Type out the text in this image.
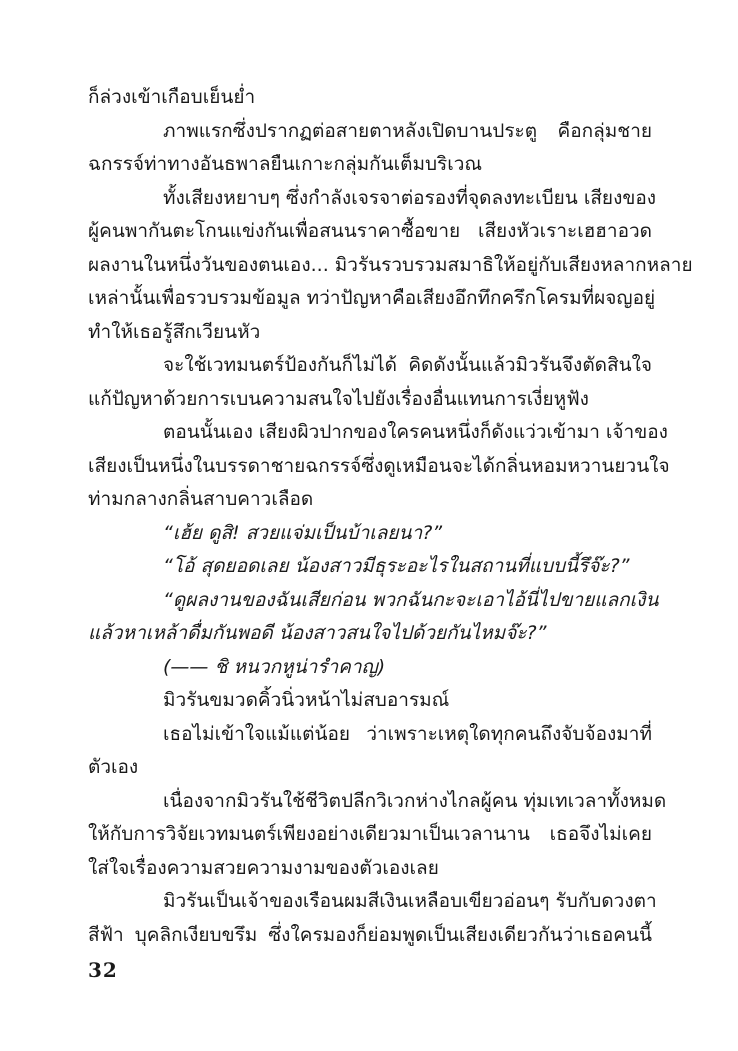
ก็ล่วงเข้าเกือบเย็นย่ำ
ภาพแรกซึ่งปรากฏต่อสายตาหลังเปิดบานประตู คือกลุ่มชาย
ฉกรรจ์ท่าทางอันธพาลยืนเกาะกลุ่มกันเต็มบริเวณ
ทั้งเสียงหยาบๆ ซึ่งกำลังเจรจาต่อรองที่จุดลงทะเบียน เสียงของ
ผู้คนพากันตะโกนแข่งกันเพื่อสนนราคาซื้อขาย เสียงหัวเราะเฮฮาอวด
ผลงานในหนึ่งวันของตนเอง... มิวรันรวบรวมสมาธิให้อยู่กับเสียงหลากหลาย
เหล่านั้นเพื่อรวบรวมข้อมูล ทว่าปัญหาคือเสียงอึกทึกครึกโครมที่ผจญอยู่
ทำให้เธอรู้สึกเวียนหัว
จะใช้เวทมนตร์ป้องกันก็ไม่ได้ คิดดังนั้นแล้วมิวรันจึงตัดสินใจ
แก้ปัญหาด้วยการเบนความสนใจไปยังเรื่องอื่นแทนการเงี่ยหูฟัง
ตอนนั้นเอง เสียงผิวปากของใครคนหนึ่งก็ดังแว่วเข้ามา เจ้าของ
เสียงเป็นหนึ่งในบรรดาชายฉกรรจ์ซึ่งดูเหมือนจะได้กลิ่นหอมหวานยวนใจ
ท่ามกลางกลิ่นสาบคาวเลือด
“เฮ้ย ดูสิ! สวยแจ่มเป็นบ้าเลยนา?”
“โอ้ สุดยอดเลย น้องสาวมีธุระอะไรในสถานที่แบบนี้รึจ๊ะ?”
“ดูผลงานของฉันเสียก่อน พวกฉันกะจะเอาไอ้นี่ไปขายแลกเงิน
แล้วหาเหล้าดื่มกันพอดี น้องสาวสนใจไปด้วยกันไหมจ๊ะ?”
(—— ชิ หนวกหูน่ารำคาญ)
มิวรันขมวดคิ้วนิ่วหน้าไม่สบอารมณ์
เธอไม่เข้าใจแม้แต่น้อย ว่าเพราะเหตุใดทุกคนถึงจับจ้องมาที่
ตัวเอง
เนื่องจากมิวรันใช้ชีวิตปลีกวิเวกห่างไกลผู้คน ทุ่มเทเวลาทั้งหมด
ให้กับการวิจัยเวทมนตร์เพียงอย่างเดียวมาเป็นเวลานาน เธอจึงไม่เคย
ใส่ใจเรื่องความสวยความงามของตัวเองเลย
มิวรันเป็นเจ้าของเรือนผมสีเงินเหลือบเขียวอ่อนๆ รับกับดวงตา
สีฟ้า บุคลิกเงียบขรึม ซึ่งใครมองก็ย่อมพูดเป็นเสียงเดียวกันว่าเธอคนนี้
32
